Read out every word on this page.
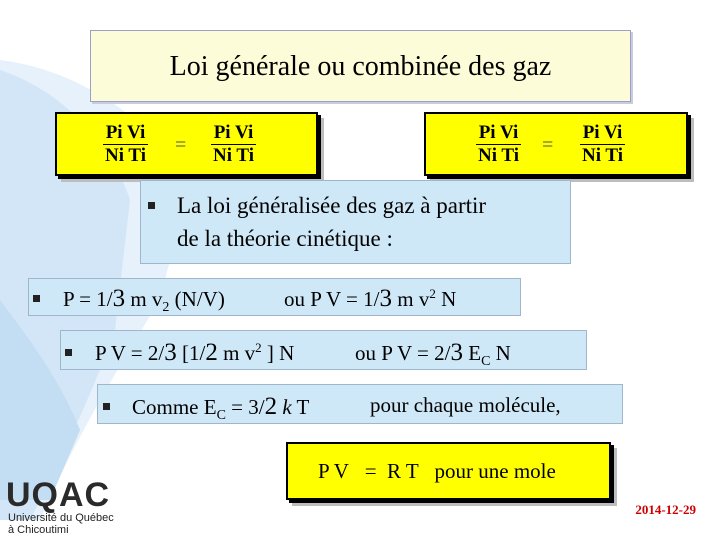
Loi générale ou combinée des gaz
$\frac{\text{Pi Vi}}{\text{Ni Ti}} = \frac{\text{Pi Vi}}{\text{Ni Ti}}$	$\frac{\text{Pi Vi}}{\text{Ni Ti}} = \frac{\text{Pi Vi}}{\text{Ni Ti}}$
La loi généralisée des gaz à partir
de la théorie cinétique :
P = 1/3 m $v_2$ (N/V)	ou P V = 1/3 m $v^2$ N
P V = 2/3 [1/2 m $v^2$ ] N	ou P V = 2/3 $E_C$ N
Comme $E_C = 3/2$ k T	pour chaque molécule,
P V = R T pour une mole
UQAC
Université du Québec
à Chicoutimi
2014-12-29
